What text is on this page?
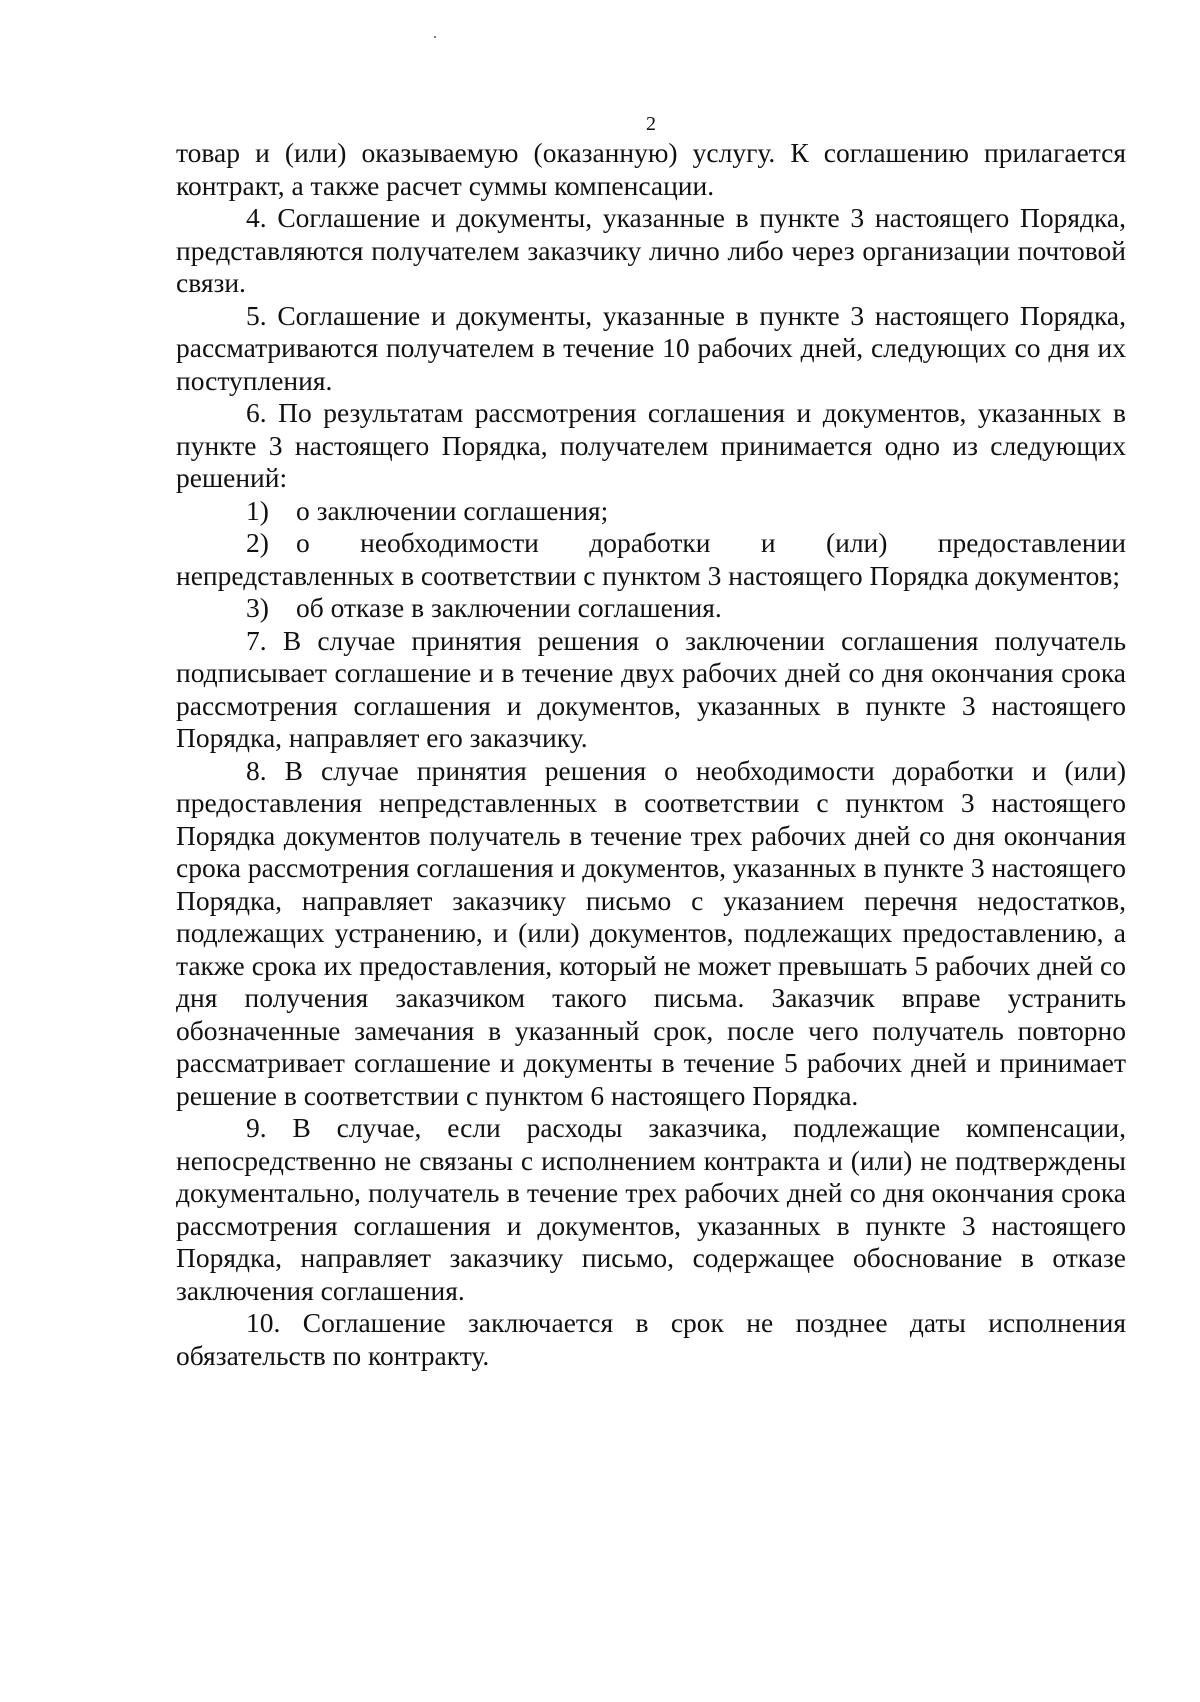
2

товар и (или) оказываемую (оказанную) услугу. К соглашению прилагается контракт, а также расчет суммы компенсации.

4. Соглашение и документы, указанные в пункте 3 настоящего Порядка, представляются получателем заказчику лично либо через организации почтовой связи.

5. Соглашение и документы, указанные в пункте 3 настоящего Порядка, рассматриваются получателем в течение 10 рабочих дней, следующих со дня их поступления.

6. По результатам рассмотрения соглашения и документов, указанных в пункте 3 настоящего Порядка, получателем принимается одно из следующих решений:

1) о заключении соглашения;

2) о необходимости доработки и (или) предоставлении непредставленных в соответствии с пунктом 3 настоящего Порядка документов;

3) об отказе в заключении соглашения.

7. В случае принятия решения о заключении соглашения получатель подписывает соглашение и в течение двух рабочих дней со дня окончания срока рассмотрения соглашения и документов, указанных в пункте 3 настоящего Порядка, направляет его заказчику.

8. В случае принятия решения о необходимости доработки и (или) предоставления непредставленных в соответствии с пунктом 3 настоящего Порядка документов получатель в течение трех рабочих дней со дня окончания срока рассмотрения соглашения и документов, указанных в пункте 3 настоящего Порядка, направляет заказчику письмо с указанием перечня недостатков, подлежащих устранению, и (или) документов, подлежащих предоставлению, а также срока их предоставления, который не может превышать 5 рабочих дней со дня получения заказчиком такого письма. Заказчик вправе устранить обозначенные замечания в указанный срок, после чего получатель повторно рассматривает соглашение и документы в течение 5 рабочих дней и принимает решение в соответствии с пунктом 6 настоящего Порядка.

9. В случае, если расходы заказчика, подлежащие компенсации, непосредственно не связаны с исполнением контракта и (или) не подтверждены документально, получатель в течение трех рабочих дней со дня окончания срока рассмотрения соглашения и документов, указанных в пункте 3 настоящего Порядка, направляет заказчику письмо, содержащее обоснование в отказе заключения соглашения.

10. Соглашение заключается в срок не позднее даты исполнения обязательств по контракту.
